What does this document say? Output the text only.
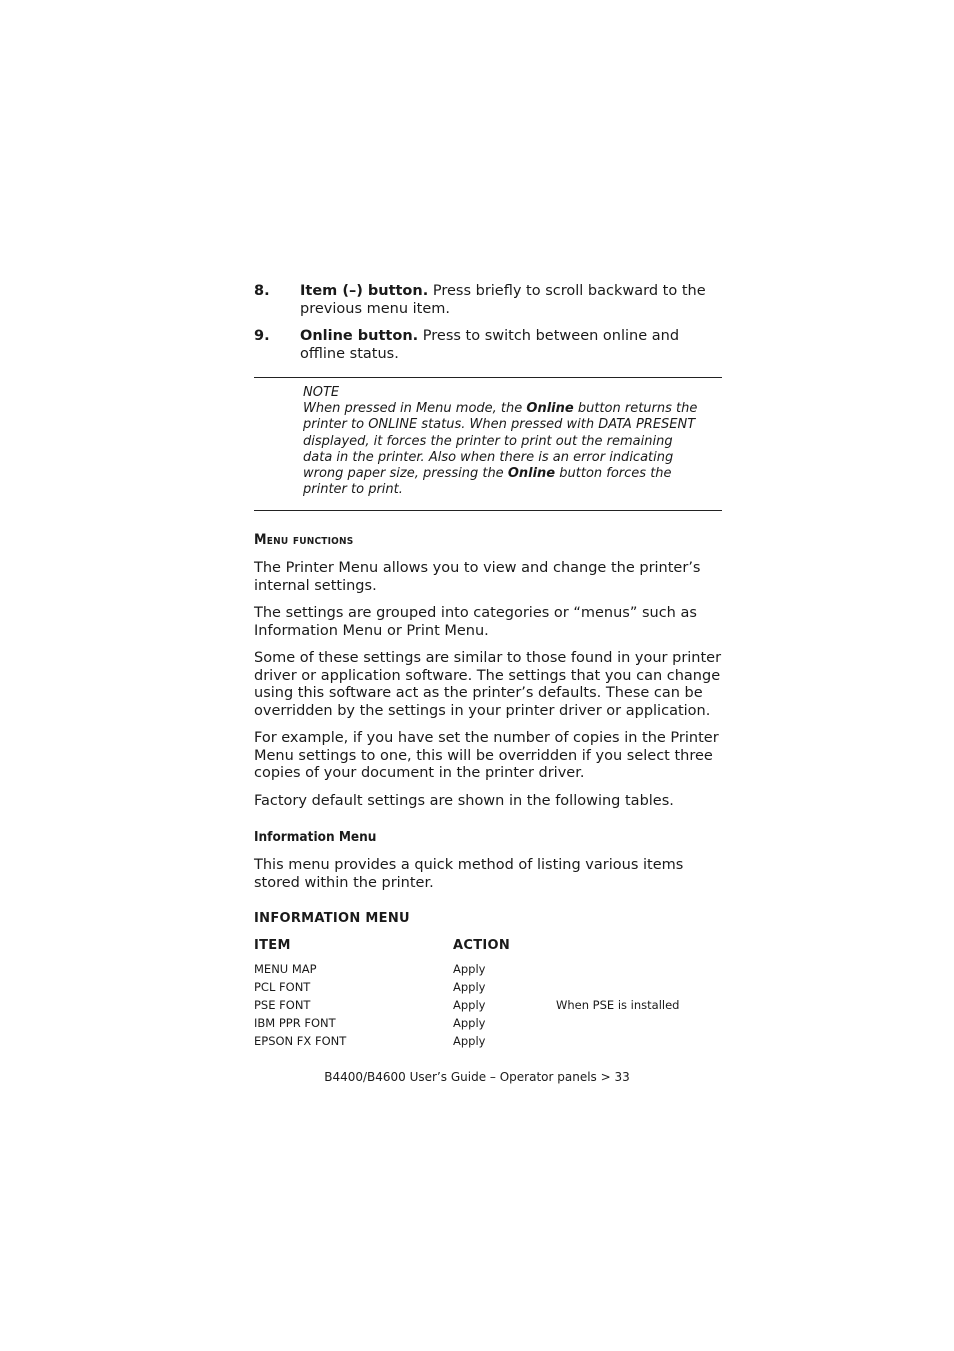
8.	Item (–) button. Press briefly to scroll backward to the previous menu item.
9.	Online button. Press to switch between online and offline status.
NOTE
When pressed in Menu mode, the Online button returns the printer to ONLINE status. When pressed with DATA PRESENT displayed, it forces the printer to print out the remaining data in the printer. Also when there is an error indicating wrong paper size, pressing the Online button forces the printer to print.
Menu functions

The Printer Menu allows you to view and change the printer’s internal settings.

The settings are grouped into categories or “menus” such as Information Menu or Print Menu.

Some of these settings are similar to those found in your printer driver or application software. The settings that you can change using this software act as the printer’s defaults. These can be overridden by the settings in your printer driver or application.

For example, if you have set the number of copies in the Printer Menu settings to one, this will be overridden if you select three copies of your document in the printer driver.

Factory default settings are shown in the following tables.

Information Menu

This menu provides a quick method of listing various items stored within the printer.

INFORMATION MENU
ITEM	ACTION
MENU MAP	Apply
PCL FONT	Apply
PSE FONT	Apply	When PSE is installed
IBM PPR FONT	Apply
EPSON FX FONT	Apply
B4400/B4600 User’s Guide – Operator panels > 33
